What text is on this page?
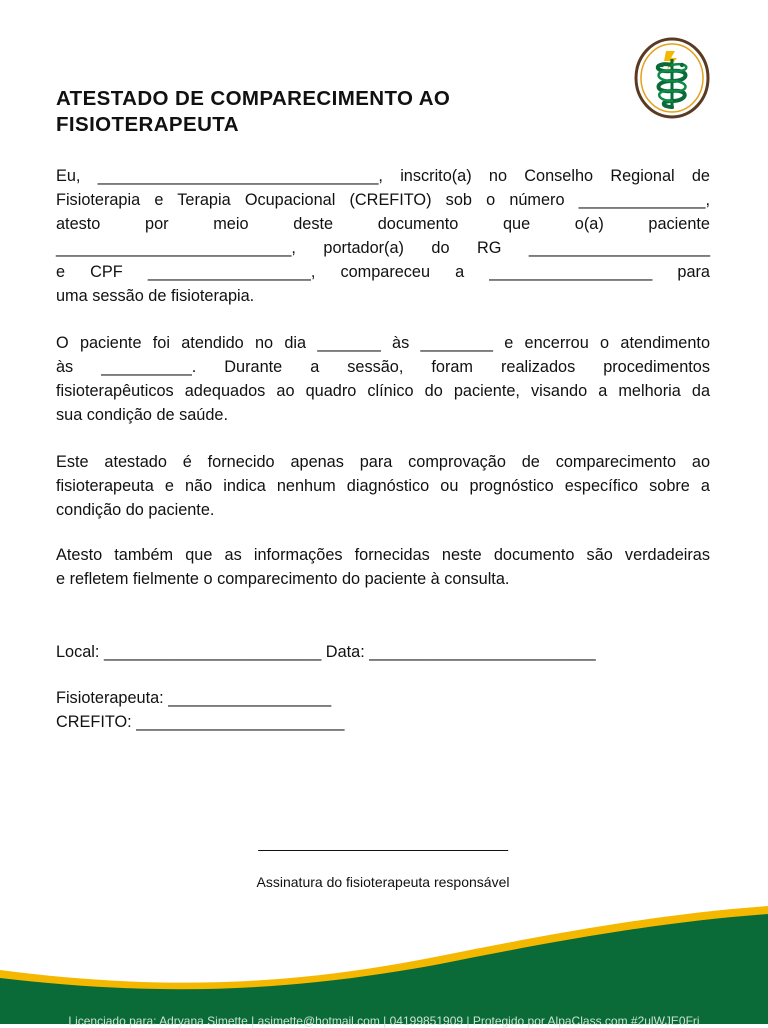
ATESTADO DE COMPARECIMENTO AO
FISIOTERAPEUTA

Eu, _______________________________, inscrito(a) no Conselho Regional de

Fisioterapia e Terapia Ocupacional (CREFITO) sob o número ______________,

atesto por meio deste documento que o(a) paciente

__________________________, portador(a) do RG ____________________

e CPF __________________, compareceu a __________________ para

uma sessão de fisioterapia.

O paciente foi atendido no dia _______ às ________ e encerrou o atendimento

às __________. Durante a sessão, foram realizados procedimentos

fisioterapêuticos adequados ao quadro clínico do paciente, visando a melhoria da

sua condição de saúde.

Este atestado é fornecido apenas para comprovação de comparecimento ao

fisioterapeuta e não indica nenhum diagnóstico ou prognóstico específico sobre a

condição do paciente.

Atesto também que as informações fornecidas neste documento são verdadeiras

e refletem fielmente o comparecimento do paciente à consulta.

Local: ________________________ Data: _________________________

Fisioterapeuta: __________________

CREFITO: _______________________

_____________________________
Assinatura do fisioterapeuta responsável
Licenciado para: Adryana Simette | asimette@hotmail.com | 04199851909 | Protegido por AlpaClass.com #2ulWJE0Fri
